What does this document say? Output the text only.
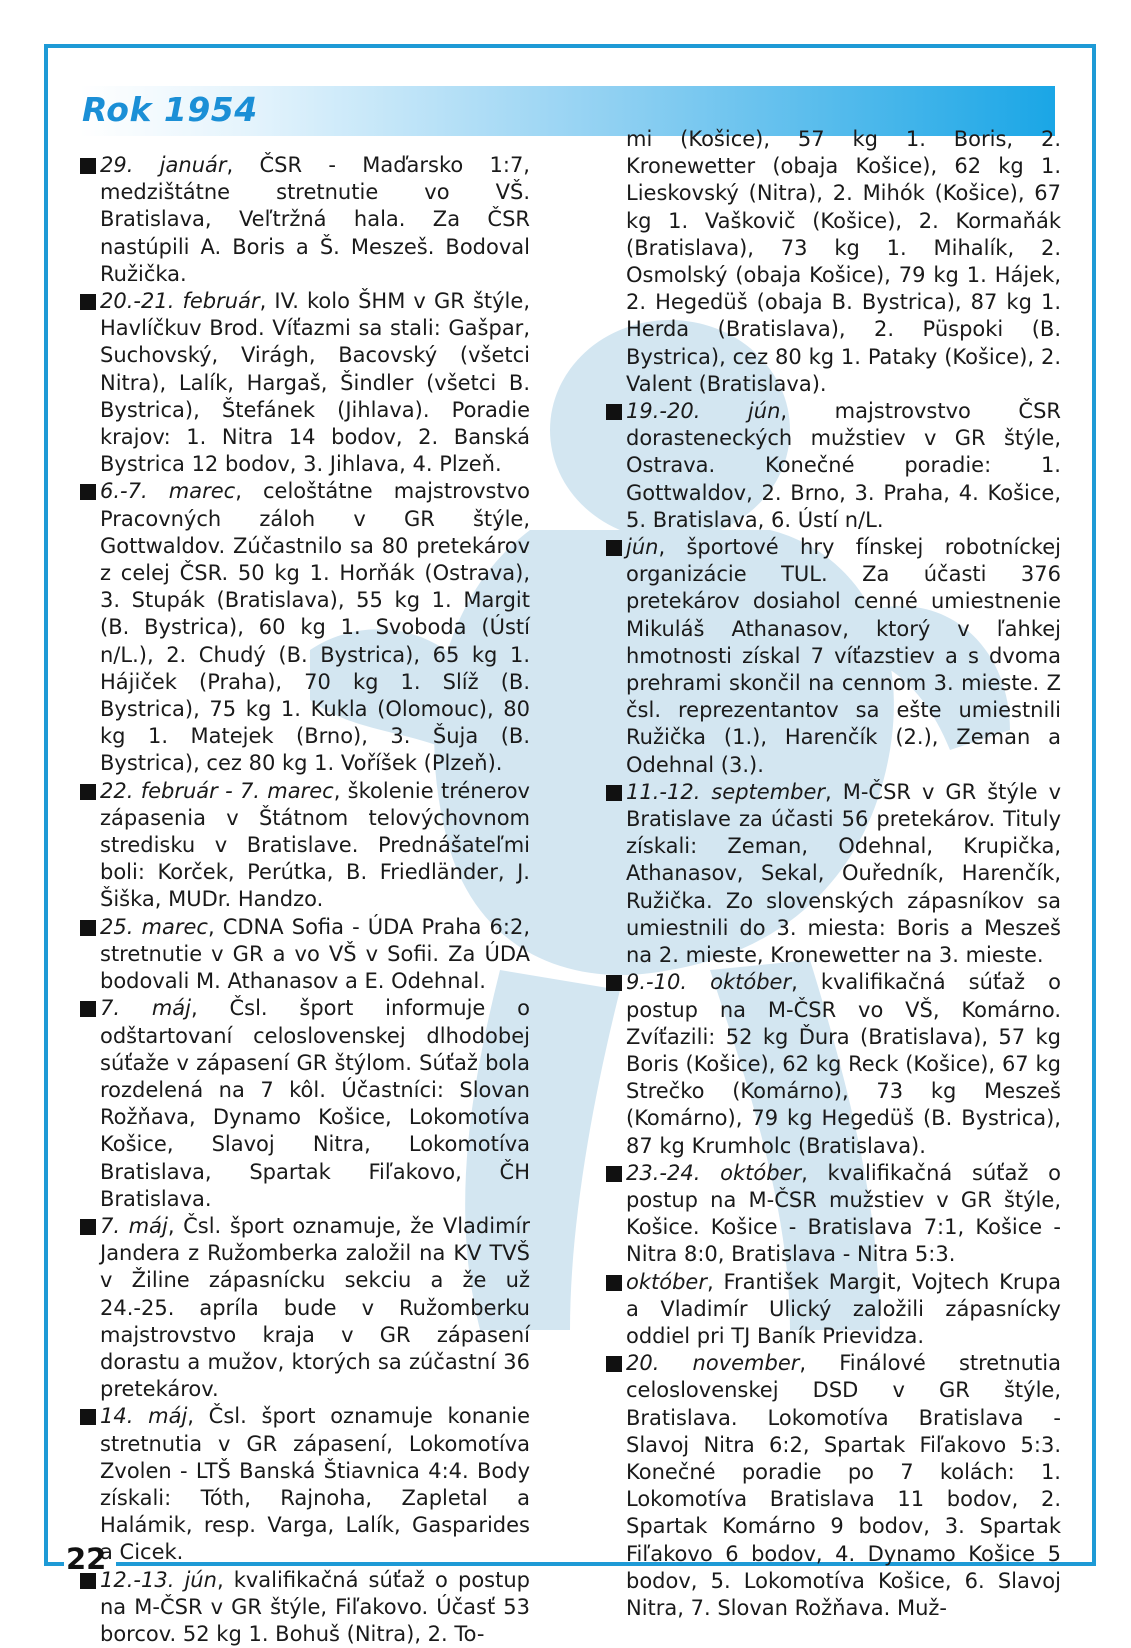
Rok 1954

29. január, ČSR - Maďarsko 1:7, medzištátne stretnutie vo VŠ. Bratislava, Veľtržná hala. Za ČSR nastúpili A. Boris a Š. Meszeš. Bodoval Ružička.

20.-21. február, IV. kolo ŠHM v GR štýle, Havlíčkuv Brod. Víťazmi sa stali: Gašpar, Suchovský, Virágh, Bacovský (všetci Nitra), Lalík, Hargaš, Šindler (všetci B. Bystrica), Štefánek (Jihlava). Poradie krajov: 1. Nitra 14 bodov, 2. Banská Bystrica 12 bodov, 3. Jihlava, 4. Plzeň.

6.-7. marec, celoštátne majstrovstvo Pracovných záloh v GR štýle, Gottwaldov. Zúčastnilo sa 80 pretekárov z celej ČSR. 50 kg 1. Horňák (Ostrava), 3. Stupák (Bratislava), 55 kg 1. Margit (B. Bystrica), 60 kg 1. Svoboda (Ústí n/L.), 2. Chudý (B. Bystrica), 65 kg 1. Hájiček (Praha), 70 kg 1. Slíž (B. Bystrica), 75 kg 1. Kukla (Olomouc), 80 kg 1. Matejek (Brno), 3. Šuja (B. Bystrica), cez 80 kg 1. Voříšek (Plzeň).

22. február - 7. marec, školenie trénerov zápasenia v Štátnom telovýchovnom stredisku v Bratislave. Prednášateľmi boli: Korček, Perútka, B. Friedländer, J. Šiška, MUDr. Handzo.

25. marec, CDNA Sofia - ÚDA Praha 6:2, stretnutie v GR a vo VŠ v Sofii. Za ÚDA bodovali M. Athanasov a E. Odehnal.

7. máj, Čsl. šport informuje o odštartovaní celoslovenskej dlhodobej súťaže v zápasení GR štýlom. Súťaž bola rozdelená na 7 kôl. Účastníci: Slovan Rožňava, Dynamo Košice, Lokomotíva Košice, Slavoj Nitra, Lokomotíva Bratislava, Spartak Fiľakovo, ČH Bratislava.

7. máj, Čsl. šport oznamuje, že Vladimír Jandera z Ružomberka založil na KV TVŠ v Žiline zápasnícku sekciu a že už 24.-25. apríla bude v Ružomberku majstrovstvo kraja v GR zápasení dorastu a mužov, ktorých sa zúčastní 36 pretekárov.

14. máj, Čsl. šport oznamuje konanie stretnutia v GR zápasení, Lokomotíva Zvolen - LTŠ Banská Štiavnica 4:4. Body získali: Tóth, Rajnoha, Zapletal a Halámik, resp. Varga, Lalík, Gasparides a Cicek.

12.-13. jún, kvalifikačná súťaž o postup na M-ČSR v GR štýle, Fiľakovo. Účasť 53 borcov. 52 kg 1. Bohuš (Nitra), 2. To-

mi (Košice), 57 kg 1. Boris, 2. Kronewetter (obaja Košice), 62 kg 1. Lieskovský (Nitra), 2. Mihók (Košice), 67 kg 1. Vaškovič (Košice), 2. Kormaňák (Bratislava), 73 kg 1. Mihalík, 2. Osmolský (obaja Košice), 79 kg 1. Hájek, 2. Hegedüš (obaja B. Bystrica), 87 kg 1. Herda (Bratislava), 2. Püspoki (B. Bystrica), cez 80 kg 1. Pataky (Košice), 2. Valent (Bratislava).

19.-20. jún, majstrovstvo ČSR dorasteneckých mužstiev v GR štýle, Ostrava. Konečné poradie: 1. Gottwaldov, 2. Brno, 3. Praha, 4. Košice, 5. Bratislava, 6. Ústí n/L.

jún, športové hry fínskej robotníckej organizácie TUL. Za účasti 376 pretekárov dosiahol cenné umiestnenie Mikuláš Athanasov, ktorý v ľahkej hmotnosti získal 7 víťazstiev a s dvoma prehrami skončil na cennom 3. mieste. Z čsl. reprezentantov sa ešte umiestnili Ružička (1.), Harenčík (2.), Zeman a Odehnal (3.).

11.-12. september, M-ČSR v GR štýle v Bratislave za účasti 56 pretekárov. Tituly získali: Zeman, Odehnal, Krupička, Athanasov, Sekal, Ouředník, Harenčík, Ružička. Zo slovenských zápasníkov sa umiestnili do 3. miesta: Boris a Meszeš na 2. mieste, Kronewetter na 3. mieste.

9.-10. október, kvalifikačná súťaž o postup na M-ČSR vo VŠ, Komárno. Zvíťazili: 52 kg Ďura (Bratislava), 57 kg Boris (Košice), 62 kg Reck (Košice), 67 kg Strečko (Komárno), 73 kg Meszeš (Komárno), 79 kg Hegedüš (B. Bystrica), 87 kg Krumholc (Bratislava).

23.-24. október, kvalifikačná súťaž o postup na M-ČSR mužstiev v GR štýle, Košice. Košice - Bratislava 7:1, Košice - Nitra 8:0, Bratislava - Nitra 5:3.

október, František Margit, Vojtech Krupa a Vladimír Ulický založili zápasnícky oddiel pri TJ Baník Prievidza.

20. november, Finálové stretnutia celoslovenskej DSD v GR štýle, Bratislava. Lokomotíva Bratislava - Slavoj Nitra 6:2, Spartak Fiľakovo 5:3. Konečné poradie po 7 kolách: 1. Lokomotíva Bratislava 11 bodov, 2. Spartak Komárno 9 bodov, 3. Spartak Fiľakovo 6 bodov, 4. Dynamo Košice 5 bodov, 5. Lokomotíva Košice, 6. Slavoj Nitra, 7. Slovan Rožňava. Muž-

22
